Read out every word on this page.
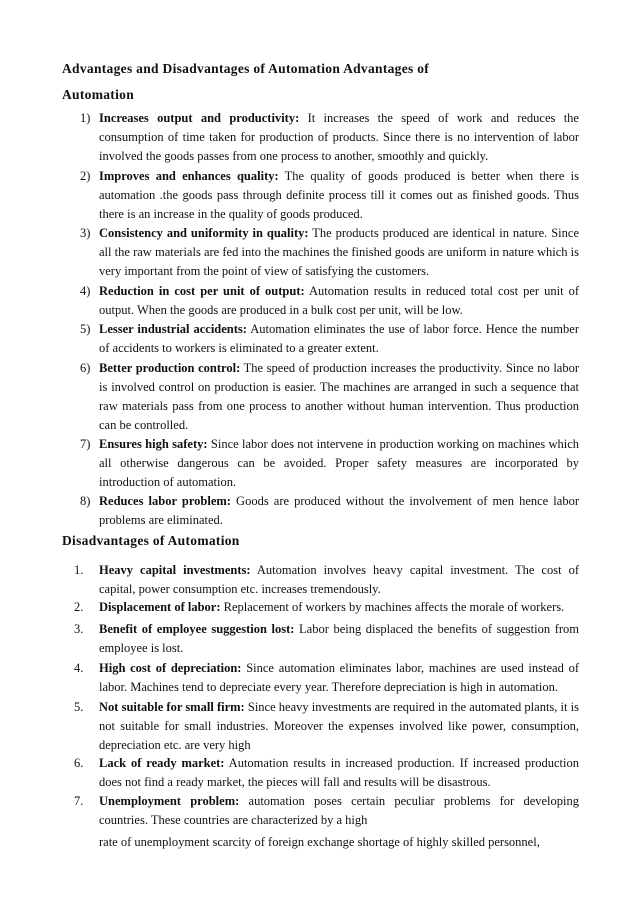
Advantages and Disadvantages of Automation Advantages of
Automation
1) Increases output and productivity: It increases the speed of work and reduces the consumption of time taken for production of products. Since there is no intervention of labor involved the goods passes from one process to another, smoothly and quickly.
2) Improves and enhances quality: The quality of goods produced is better when there is automation .the goods pass through definite process till it comes out as finished goods. Thus there is an increase in the quality of goods produced.
3) Consistency and uniformity in quality: The products produced are identical in nature. Since all the raw materials are fed into the machines the finished goods are uniform in nature which is very important from the point of view of satisfying the customers.
4) Reduction in cost per unit of output: Automation results in reduced total cost per unit of output. When the goods are produced in a bulk cost per unit, will be low.
5) Lesser industrial accidents: Automation eliminates the use of labor force. Hence the number of accidents to workers is eliminated to a greater extent.
6) Better production control: The speed of production increases the productivity. Since no labor is involved control on production is easier. The machines are arranged in such a sequence that raw materials pass from one process to another without human intervention. Thus production can be controlled.
7) Ensures high safety: Since labor does not intervene in production working on machines which all otherwise dangerous can be avoided. Proper safety measures are incorporated by introduction of automation.
8) Reduces labor problem: Goods are produced without the involvement of men hence labor problems are eliminated.
Disadvantages of Automation
1. Heavy capital investments: Automation involves heavy capital investment. The cost of capital, power consumption etc. increases tremendously.
2. Displacement of labor: Replacement of workers by machines affects the morale of workers.
3. Benefit of employee suggestion lost: Labor being displaced the benefits of suggestion from employee is lost.
4. High cost of depreciation: Since automation eliminates labor, machines are used instead of labor. Machines tend to depreciate every year. Therefore depreciation is high in automation.
5. Not suitable for small firm: Since heavy investments are required in the automated plants, it is not suitable for small industries. Moreover the expenses involved like power, consumption, depreciation etc. are very high
6. Lack of ready market: Automation results in increased production. If increased production does not find a ready market, the pieces will fall and results will be disastrous.
7. Unemployment problem: automation poses certain peculiar problems for developing countries. These countries are characterized by a high
rate of unemployment scarcity of foreign exchange shortage of highly skilled personnel,
